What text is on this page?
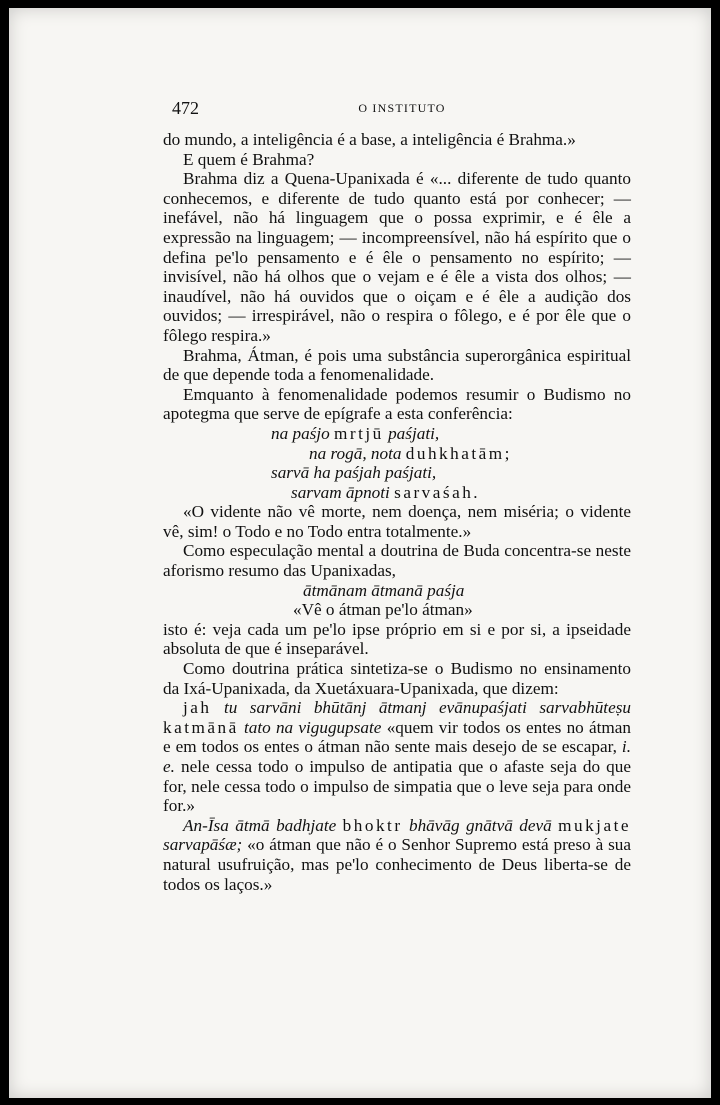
472	O INSTITUTO

do mundo, a inteligência é a base, a inteligência é Brahma.»

E quem é Brahma?

Brahma diz a Quena-Upanixada é «... diferente de tudo quanto conhecemos, e diferente de tudo quanto está por conhecer; — inefável, não há linguagem que o possa exprimir, e é êle a expressão na linguagem; — incompreensível, não há espírito que o defina pe'lo pensamento e é êle o pensamento no espírito; — invisível, não há olhos que o vejam e é êle a vista dos olhos; — inaudível, não há ouvidos que o oiçam e é êle a audição dos ouvidos; — irrespirável, não o respira o fôlego, e é por êle que o fôlego respira.»

Brahma, Átman, é pois uma substância superorgânica espiritual de que depende toda a fenomenalidade.

Emquanto à fenomenalidade podemos resumir o Budismo no apotegma que serve de epígrafe a esta conferência:

na paśjo mrtjū paśjati,

na rogā, nota duhkhatām;

sarvā ha paśjah paśjati,

sarvam āpnoti sarvaśah.

«O vidente não vê morte, nem doença, nem miséria; o vidente vê, sim! o Todo e no Todo entra totalmente.»

Como especulação mental a doutrina de Buda concentra-se neste aforismo resumo das Upanixadas,

ātmānam ātmanā paśja

«Vê o átman pe'lo átman»

isto é: veja cada um pe'lo ipse próprio em si e por si, a ipseidade absoluta de que é inseparável.

Como doutrina prática sintetiza-se o Budismo no ensinamento da Ixá-Upanixada, da Xuetáxuara-Upanixada, que dizem:

jah tu sarvāni bhūtānj ātmanj evānupaśjati sarvabhūteṣu katmānā tato na vigugupsate «quem vir todos os entes no átman e em todos os entes o átman não sente mais desejo de se escapar, i. e. nele cessa todo o impulso de antipatia que o afaste seja do que for, nele cessa todo o impulso de simpatia que o leve seja para onde for.»

An-Īsa ātmā badhjate bhoktr bhāvāg gnātvā devā mukjate sarvapāśæ; «o átman que não é o Senhor Supremo está preso à sua natural usufruição, mas pe'lo conhecimento de Deus liberta-se de todos os laços.»
